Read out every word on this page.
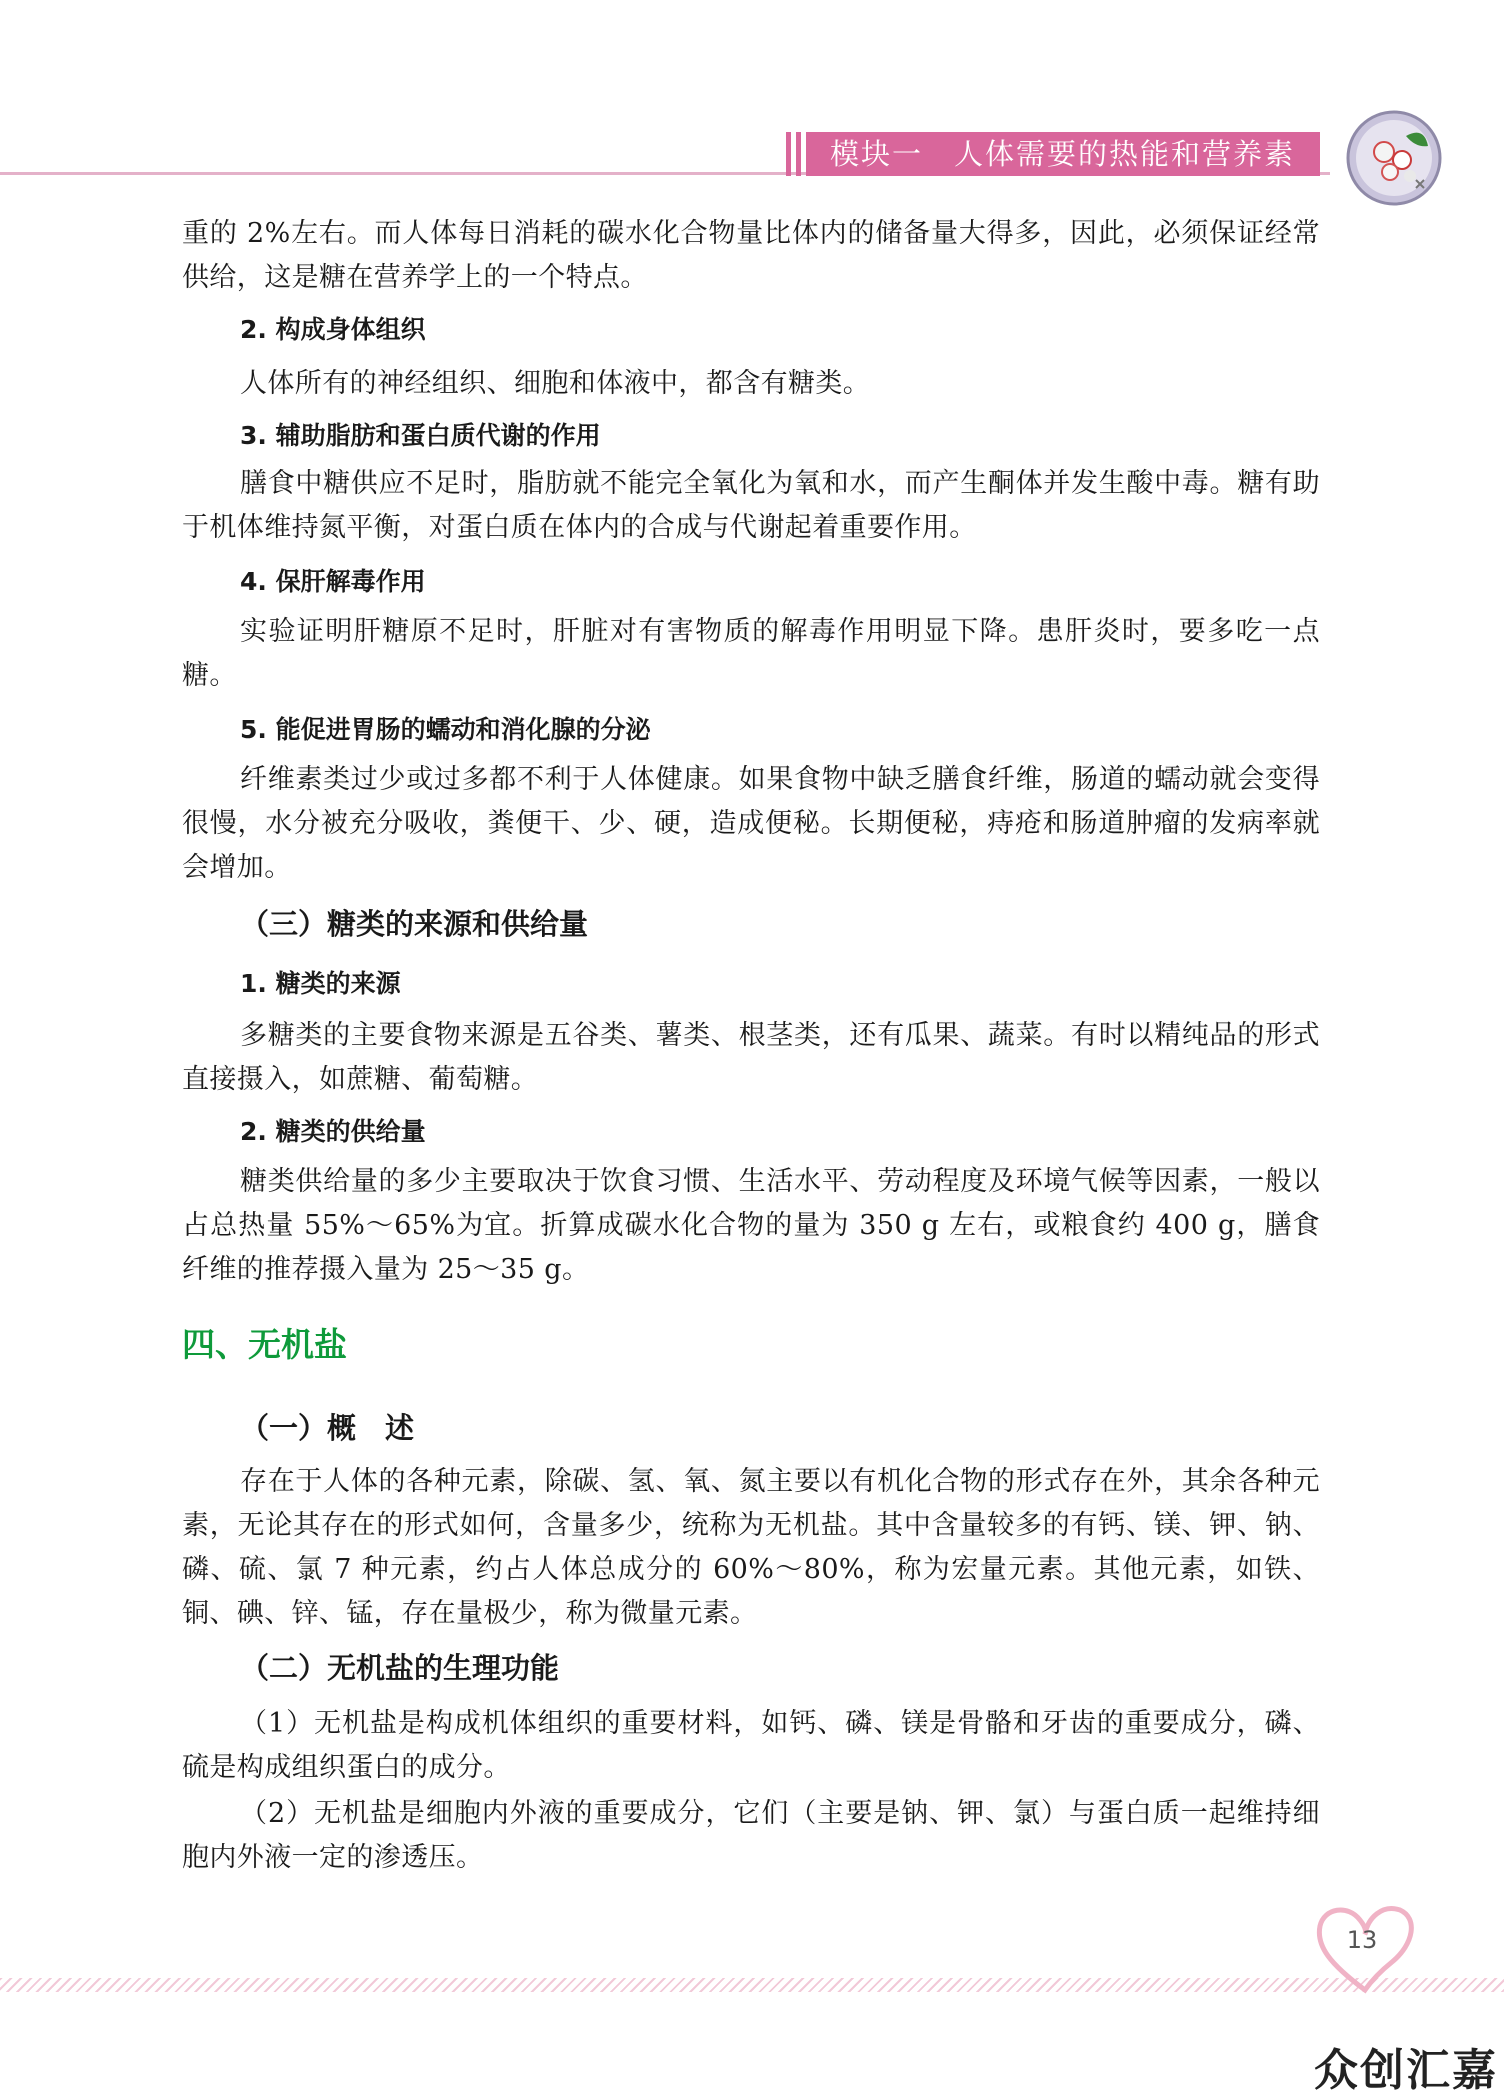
模块一　人体需要的热能和营养素

重的 2%左右。而人体每日消耗的碳水化合物量比体内的储备量大得多，因此，必须保证经常供给，这是糖在营养学上的一个特点。

2. 构成身体组织

人体所有的神经组织、细胞和体液中，都含有糖类。

3. 辅助脂肪和蛋白质代谢的作用

膳食中糖供应不足时，脂肪就不能完全氧化为氧和水，而产生酮体并发生酸中毒。糖有助于机体维持氮平衡，对蛋白质在体内的合成与代谢起着重要作用。

4. 保肝解毒作用

实验证明肝糖原不足时，肝脏对有害物质的解毒作用明显下降。患肝炎时，要多吃一点糖。

5. 能促进胃肠的蠕动和消化腺的分泌

纤维素类过少或过多都不利于人体健康。如果食物中缺乏膳食纤维，肠道的蠕动就会变得很慢，水分被充分吸收，粪便干、少、硬，造成便秘。长期便秘，痔疮和肠道肿瘤的发病率就会增加。

（三）糖类的来源和供给量
1. 糖类的来源

多糖类的主要食物来源是五谷类、薯类、根茎类，还有瓜果、蔬菜。有时以精纯品的形式直接摄入，如蔗糖、葡萄糖。

2. 糖类的供给量

糖类供给量的多少主要取决于饮食习惯、生活水平、劳动程度及环境气候等因素，一般以占总热量 55%～65%为宜。折算成碳水化合物的量为 350 g 左右，或粮食约 400 g，膳食纤维的推荐摄入量为 25～35 g。

四、无机盐
（一）概　述

存在于人体的各种元素，除碳、氢、氧、氮主要以有机化合物的形式存在外，其余各种元素，无论其存在的形式如何，含量多少，统称为无机盐。其中含量较多的有钙、镁、钾、钠、磷、硫、氯 7 种元素，约占人体总成分的 60%～80%，称为宏量元素。其他元素，如铁、铜、碘、锌、锰，存在量极少，称为微量元素。

（二）无机盐的生理功能

（1）无机盐是构成机体组织的重要材料，如钙、磷、镁是骨骼和牙齿的重要成分，磷、硫是构成组织蛋白的成分。

（2）无机盐是细胞内外液的重要成分，它们（主要是钠、钾、氯）与蛋白质一起维持细胞内外液一定的渗透压。

13
众创汇嘉
